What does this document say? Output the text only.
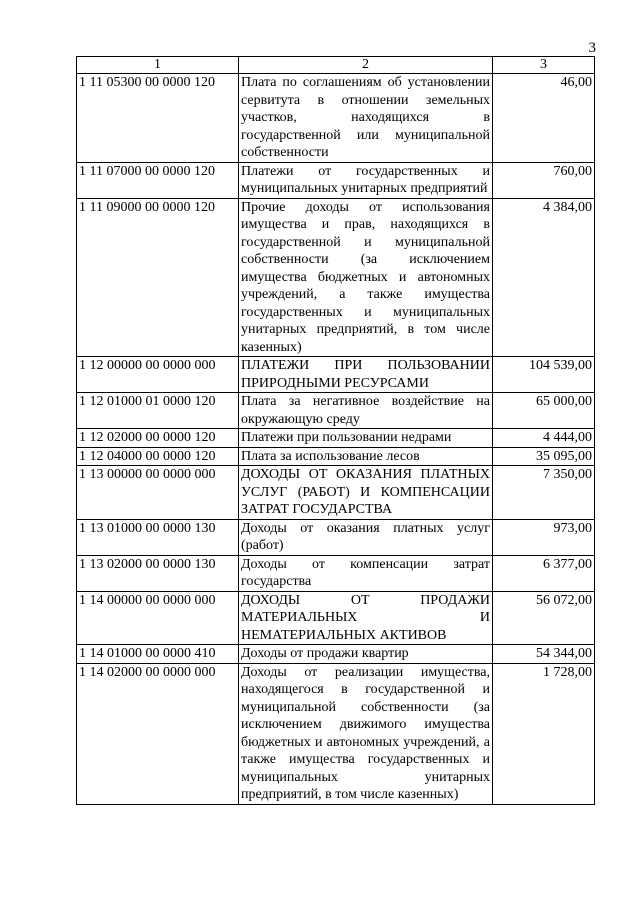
3
1	2	3
1 11 05300 00 0000 120	Плата по соглашениям об установлении сервитута в отношении земельных участков, находящихся в государственной или муниципальной собственности	46,00
1 11 07000 00 0000 120	Платежи от государственных и муниципальных унитарных предприятий	760,00
1 11 09000 00 0000 120	Прочие доходы от использования имущества и прав, находящихся в государственной и муниципальной собственности (за исключением имущества бюджетных и автономных учреждений, а также имущества государственных и муниципальных унитарных предприятий, в том числе казенных)	4 384,00
1 12 00000 00 0000 000	ПЛАТЕЖИ ПРИ ПОЛЬЗОВАНИИ ПРИРОДНЫМИ РЕСУРСАМИ	104 539,00
1 12 01000 01 0000 120	Плата за негативное воздействие на окружающую среду	65 000,00
1 12 02000 00 0000 120	Платежи при пользовании недрами	4 444,00
1 12 04000 00 0000 120	Плата за использование лесов	35 095,00
1 13 00000 00 0000 000	ДОХОДЫ ОТ ОКАЗАНИЯ ПЛАТНЫХ УСЛУГ (РАБОТ) И КОМПЕНСАЦИИ ЗАТРАТ ГОСУДАРСТВА	7 350,00
1 13 01000 00 0000 130	Доходы от оказания платных услуг (работ)	973,00
1 13 02000 00 0000 130	Доходы от компенсации затрат государства	6 377,00
1 14 00000 00 0000 000	ДОХОДЫ ОТ ПРОДАЖИ МАТЕРИАЛЬНЫХ И НЕМАТЕРИАЛЬНЫХ АКТИВОВ	56 072,00
1 14 01000 00 0000 410	Доходы от продажи квартир	54 344,00
1 14 02000 00 0000 000	Доходы от реализации имущества, находящегося в государственной и муниципальной собственности (за исключением движимого имущества бюджетных и автономных учреждений, а также имущества государственных и муниципальных унитарных предприятий, в том числе казенных)	1 728,00
